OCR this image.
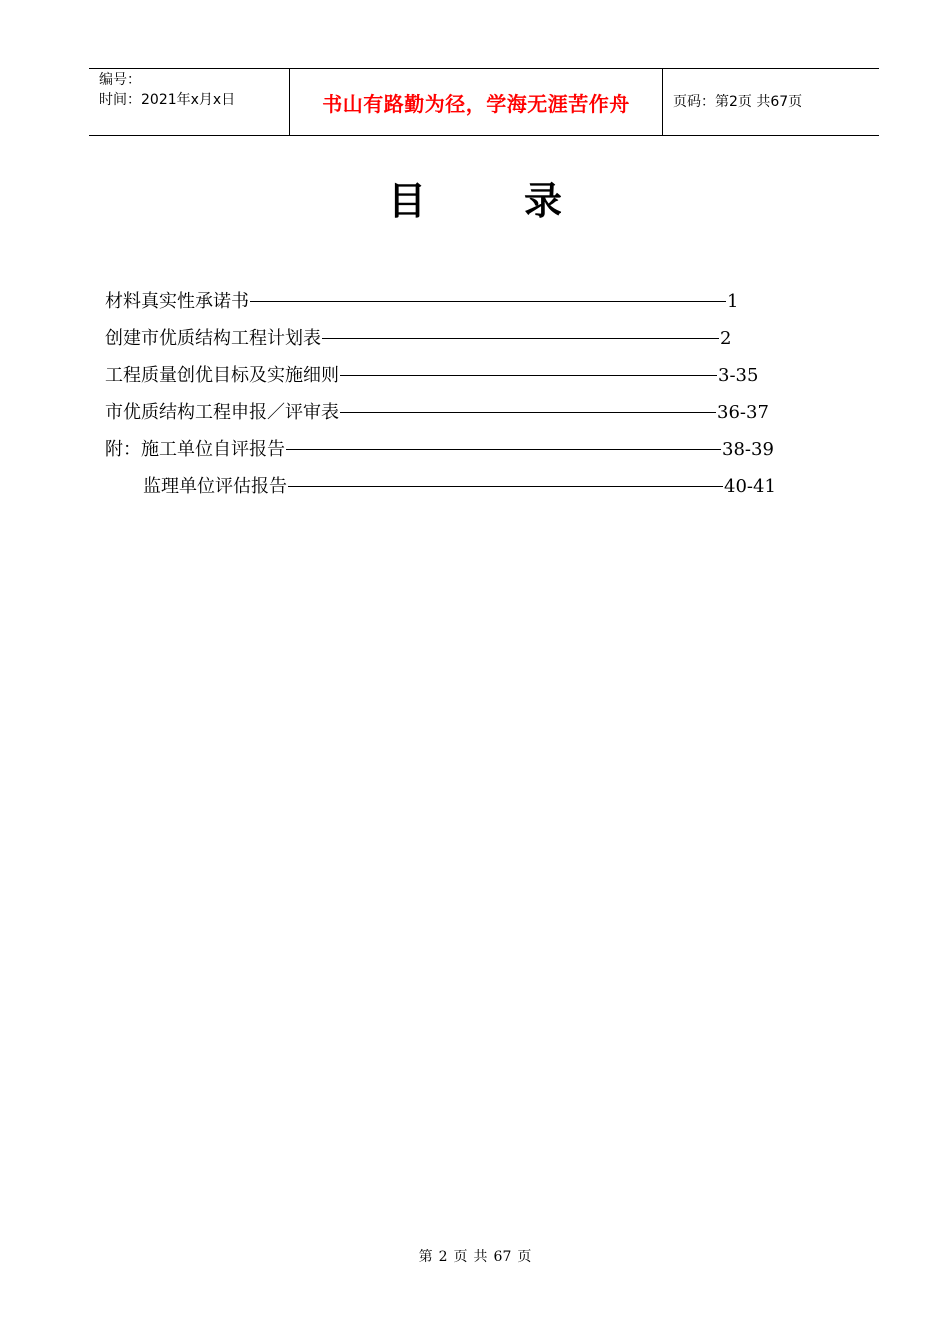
编号：
时间：2021年x月x日	书山有路勤为径，学海无涯苦作舟	页码：第2页 共67页
目	录
材料真实性承诺书	1
创建市优质结构工程计划表	2
工程质量创优目标及实施细则	3-35
市优质结构工程申报／评审表	36-37
附：施工单位自评报告	38-39
监理单位评估报告	40-41
第 2 页 共 67 页
